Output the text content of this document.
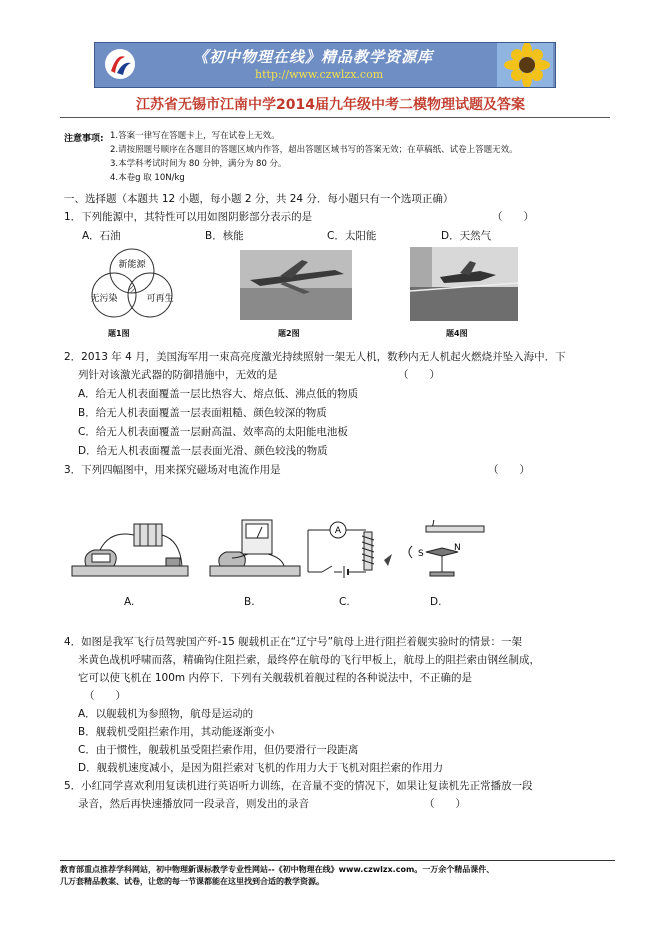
《初中物理在线》精品教学资源库
http://www.czwlzx.com
江苏省无锡市江南中学2014届九年级中考二模物理试题及答案
注意事项: 1.答案一律写在答题卡上，写在试卷上无效。
2.请按照题号顺序在各题目的答题区域内作答，超出答题区域书写的答案无效；在草稿纸、试卷上答题无效。
3.本学科考试时间为 80 分钟，满分为 80 分。
4.本卷g 取 10N/kg
一、选择题（本题共 12 小题，每小题 2 分，共 24 分．每小题只有一个选项正确）
1．下列能源中，其特性可以用如图阴影部分表示的是	（　　）
A．石油	B．核能	C．太阳能	D．天然气
新能源
无污染	可再生
题1图	题2图	题4图
2．2013 年 4 月，美国海军用一束高亮度激光持续照射一架无人机，数秒内无人机起火燃烧并坠入海中．下
列针对该激光武器的防御措施中，无效的是	（　　）
A．给无人机表面覆盖一层比热容大、熔点低、沸点低的物质
B．给无人机表面覆盖一层表面粗糙、颜色较深的物质
C．给无人机表面覆盖一层耐高温、效率高的太阳能电池板
D．给无人机表面覆盖一层表面光滑、颜色较浅的物质
3．下列四幅图中，用来探究磁场对电流作用是	（　　）
A
I
S
N
A.	B.	C.	D.
4．如图是我军飞行员驾驶国产歼-15 舰载机正在“辽宁号”航母上进行阻拦着舰实验时的情景：一架
米黄色战机呼啸而落，精确钩住阻拦索，最终停在航母的飞行甲板上，航母上的阻拦索由钢丝制成，
它可以使飞机在 100m 内停下．下列有关舰载机着舰过程的各种说法中，不正确的是
（　　）
A．以舰载机为参照物，航母是运动的
B．舰载机受阻拦索作用，其动能逐渐变小
C．由于惯性，舰载机虽受阻拦索作用，但仍要滑行一段距离
D．舰载机速度减小，是因为阻拦索对飞机的作用力大于飞机对阻拦索的作用力
5．小红同学喜欢利用复读机进行英语听力训练，在音量不变的情况下，如果让复读机先正常播放一段
录音，然后再快速播放同一段录音，则发出的录音	（　　）
教育部重点推荐学科网站，初中物理新课标教学专业性网站--《初中物理在线》www.czwlzx.com。一万余个精品课件、
几万套精品教案、试卷，让您的每一节课都能在这里找到合适的教学资源。
